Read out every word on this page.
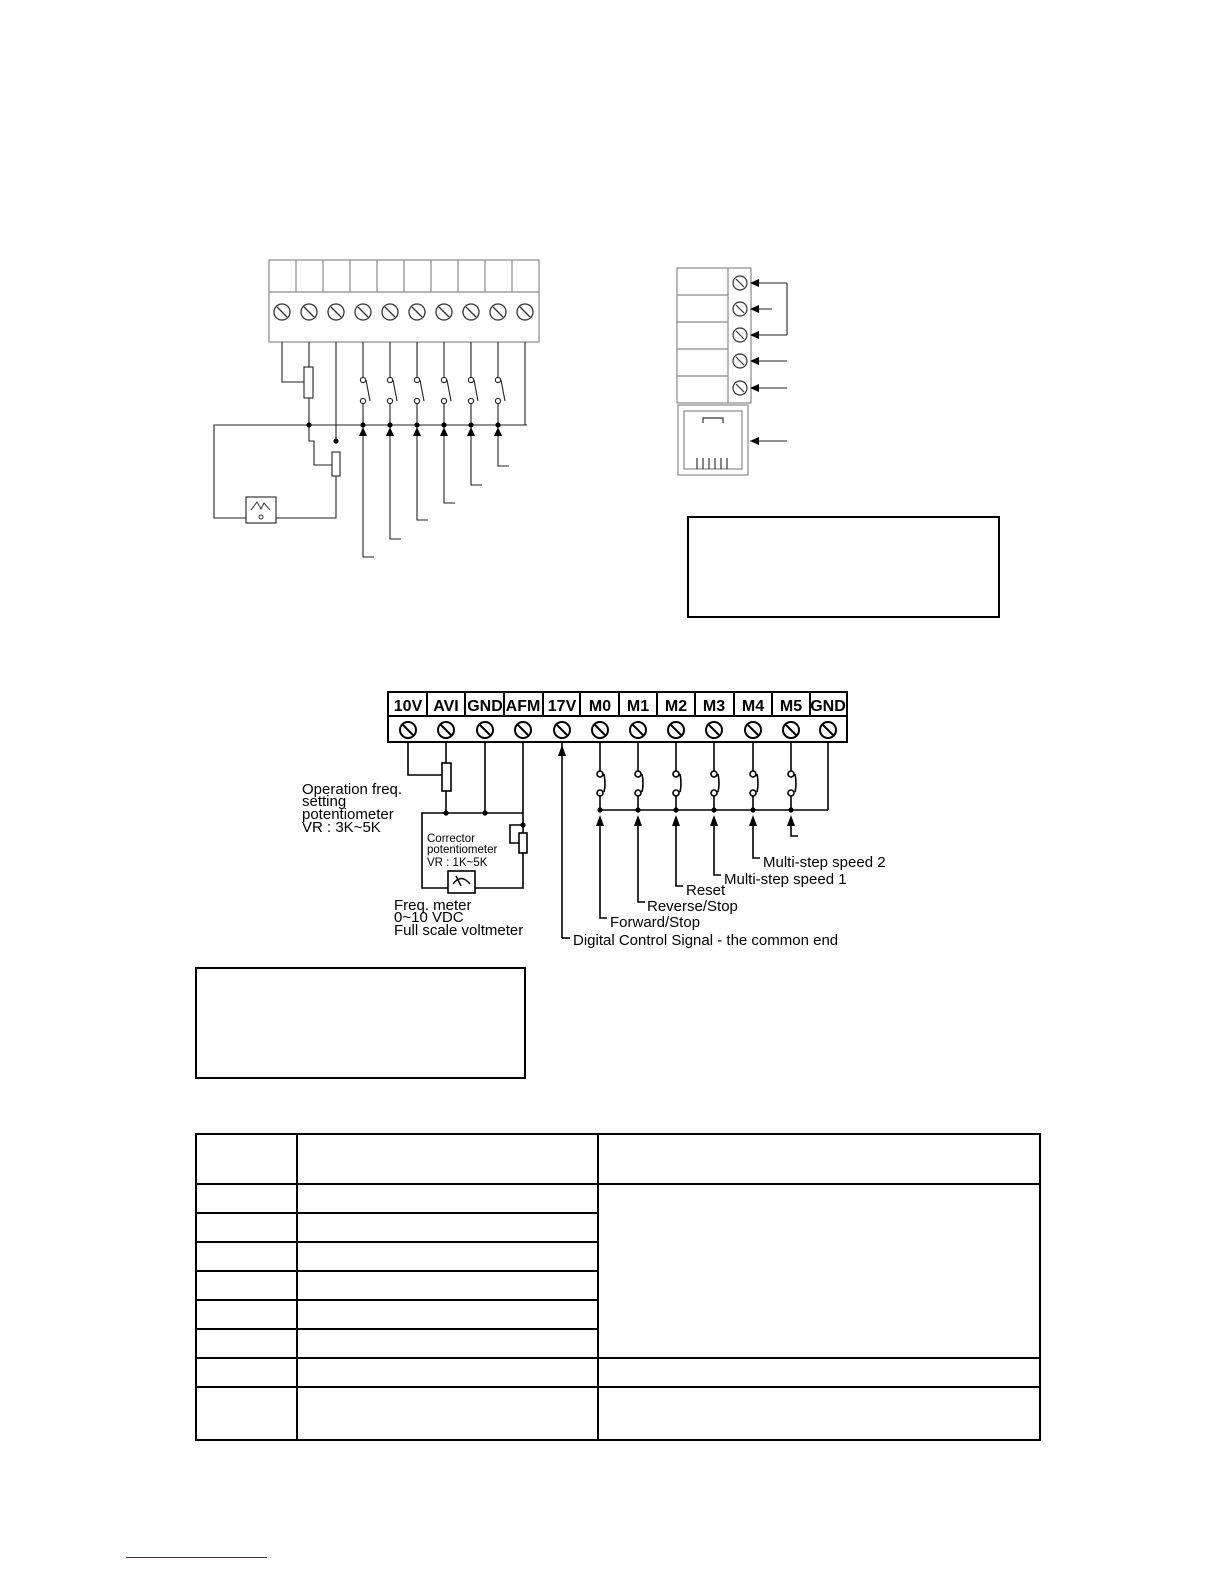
10V AVI GND AFM 17V M0 M1 M2 M3 M4 M5 GND
Operation freq.
setting
potentiometer
VR : 3K~5K
Corrector
potentiometer
VR : 1K~5K
Freq. meter
0~10 VDC
Full scale voltmeter
Multi-step speed 2
Multi-step speed 1
Reset
Reverse/Stop
Forward/Stop
Digital Control Signal - the common end
